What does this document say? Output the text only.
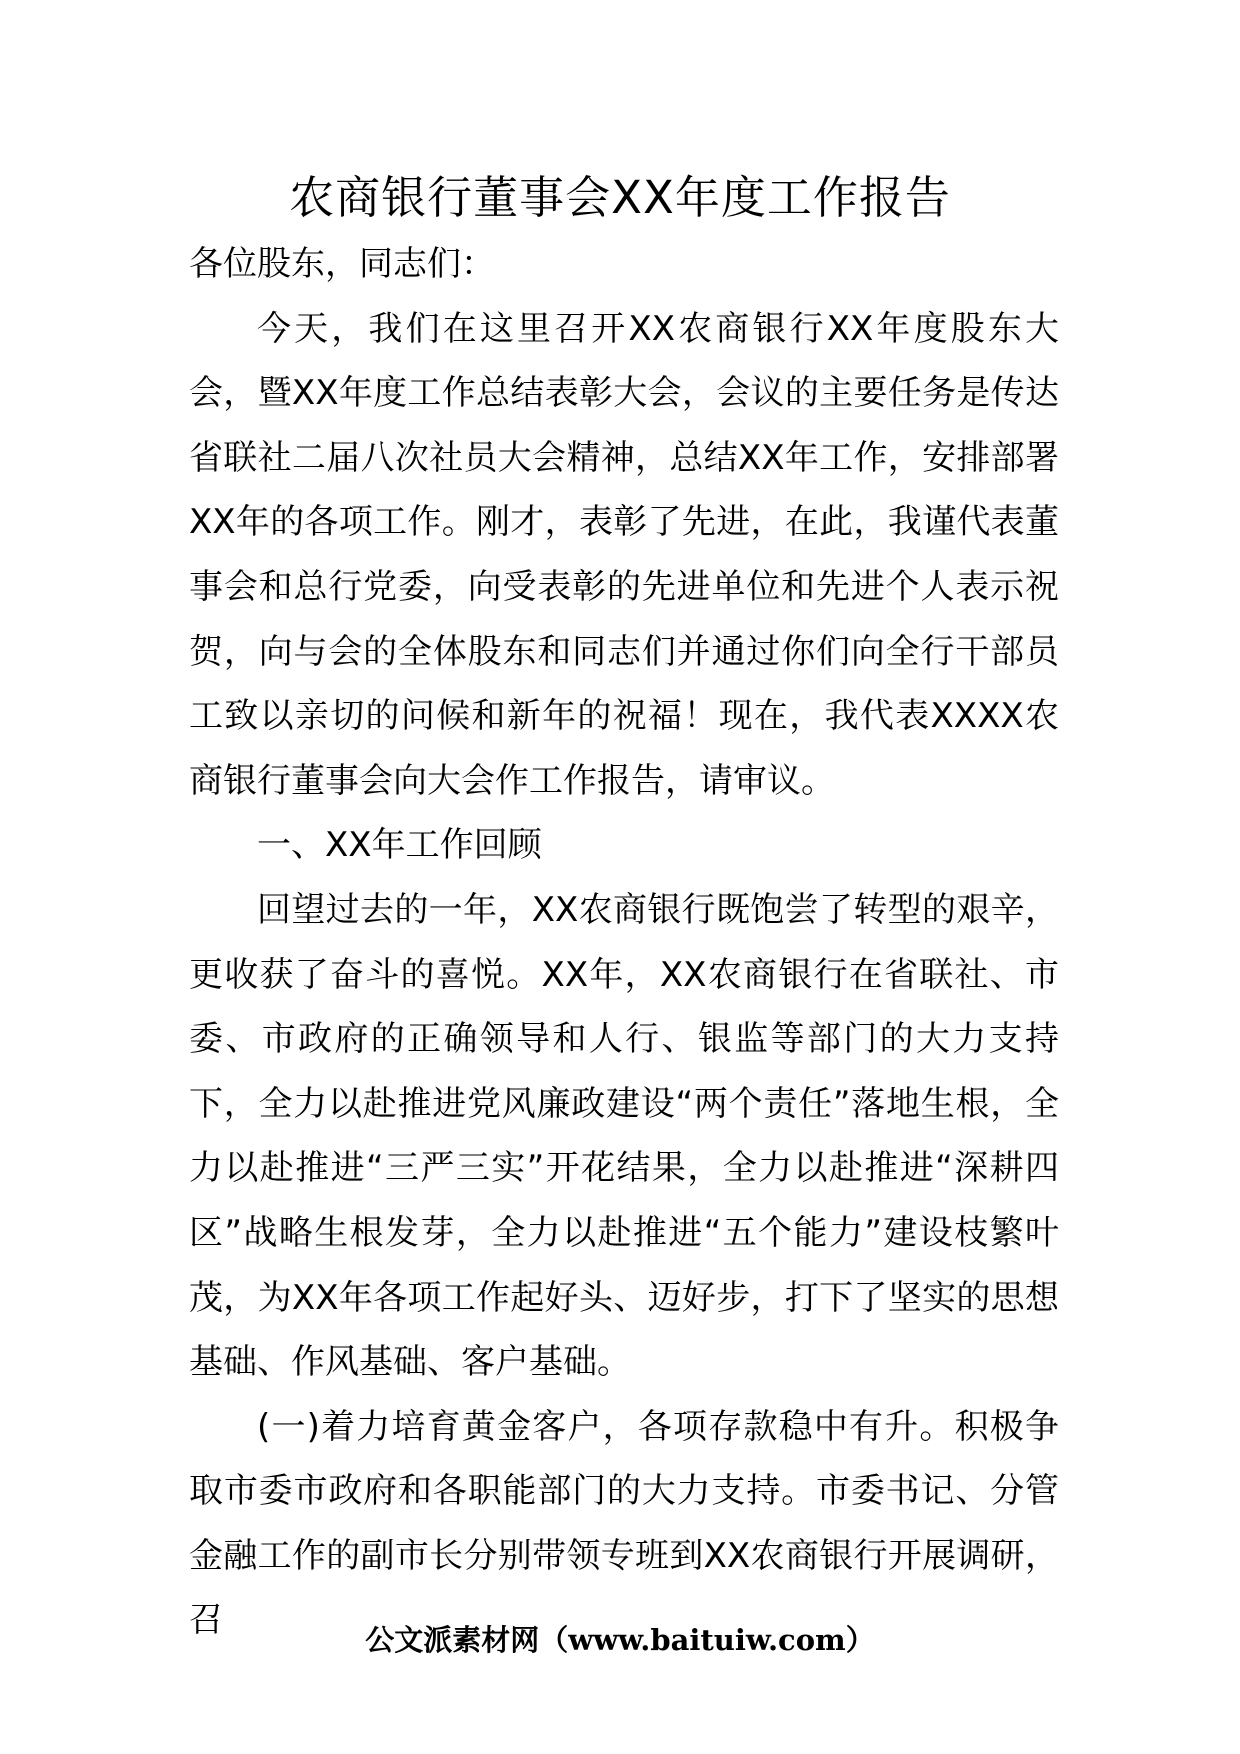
农商银行董事会XX年度工作报告

各位股东，同志们：

今天，我们在这里召开XX农商银行XX年度股东大会，暨XX年度工作总结表彰大会，会议的主要任务是传达省联社二届八次社员大会精神，总结XX年工作，安排部署XX年的各项工作。刚才，表彰了先进，在此，我谨代表董事会和总行党委，向受表彰的先进单位和先进个人表示祝贺，向与会的全体股东和同志们并通过你们向全行干部员工致以亲切的问候和新年的祝福！现在，我代表XXXX农商银行董事会向大会作工作报告，请审议。

一、XX年工作回顾

回望过去的一年，XX农商银行既饱尝了转型的艰辛，更收获了奋斗的喜悦。XX年，XX农商银行在省联社、市委、市政府的正确领导和人行、银监等部门的大力支持下，全力以赴推进党风廉政建设“两个责任”落地生根，全力以赴推进“三严三实”开花结果，全力以赴推进“深耕四区”战略生根发芽，全力以赴推进“五个能力”建设枝繁叶茂，为XX年各项工作起好头、迈好步，打下了坚实的思想基础、作风基础、客户基础。

(一)着力培育黄金客户，各项存款稳中有升。积极争取市委市政府和各职能部门的大力支持。市委书记、分管金融工作的副市长分别带领专班到XX农商银行开展调研，召	公文派素材网（www.baituiw.com）
